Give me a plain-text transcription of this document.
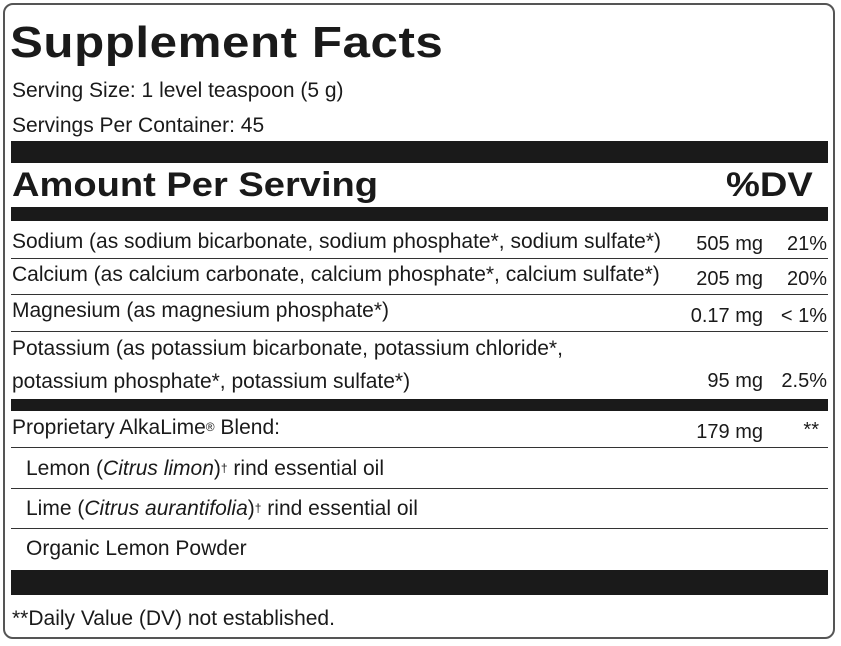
Supplement Facts
Serving Size: 1 level teaspoon (5 g)
Servings Per Container: 45
Amount Per Serving	%DV
Sodium (as sodium bicarbonate, sodium phosphate*, sodium sulfate*) 505 mg 21%
Calcium (as calcium carbonate, calcium phosphate*, calcium sulfate*) 205 mg 20%
Magnesium (as magnesium phosphate*)	0.17 mg < 1%
Potassium (as potassium bicarbonate, potassium chloride*,
potassium phosphate*, potassium sulfate*)	95 mg 2.5%
Proprietary AlkaLime® Blend:	179 mg **
Lemon (Citrus limon)† rind essential oil
Lime (Citrus aurantifolia)† rind essential oil
Organic Lemon Powder
**Daily Value (DV) not established.
